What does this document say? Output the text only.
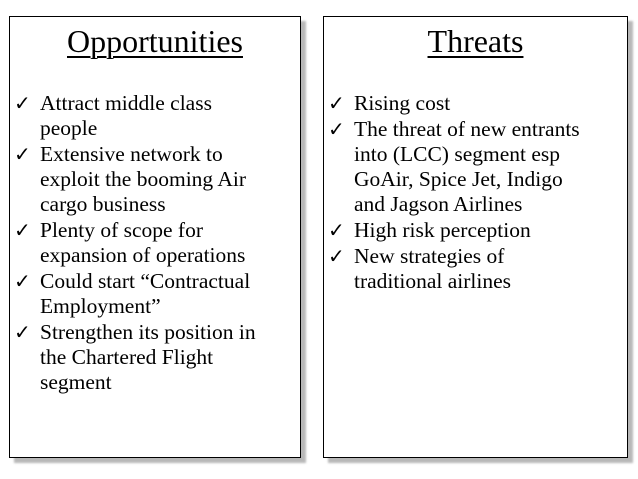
Opportunities
✓ Attract middle class
people
✓ Extensive network to
exploit the booming Air
cargo business
✓ Plenty of scope for
expansion of operations
✓ Could start “Contractual
Employment”
✓ Strengthen its position in
the Chartered Flight
segment
Threats
✓ Rising cost
✓ The threat of new entrants
into (LCC) segment esp
GoAir, Spice Jet, Indigo
and Jagson Airlines
✓ High risk perception
✓ New strategies of
traditional airlines
